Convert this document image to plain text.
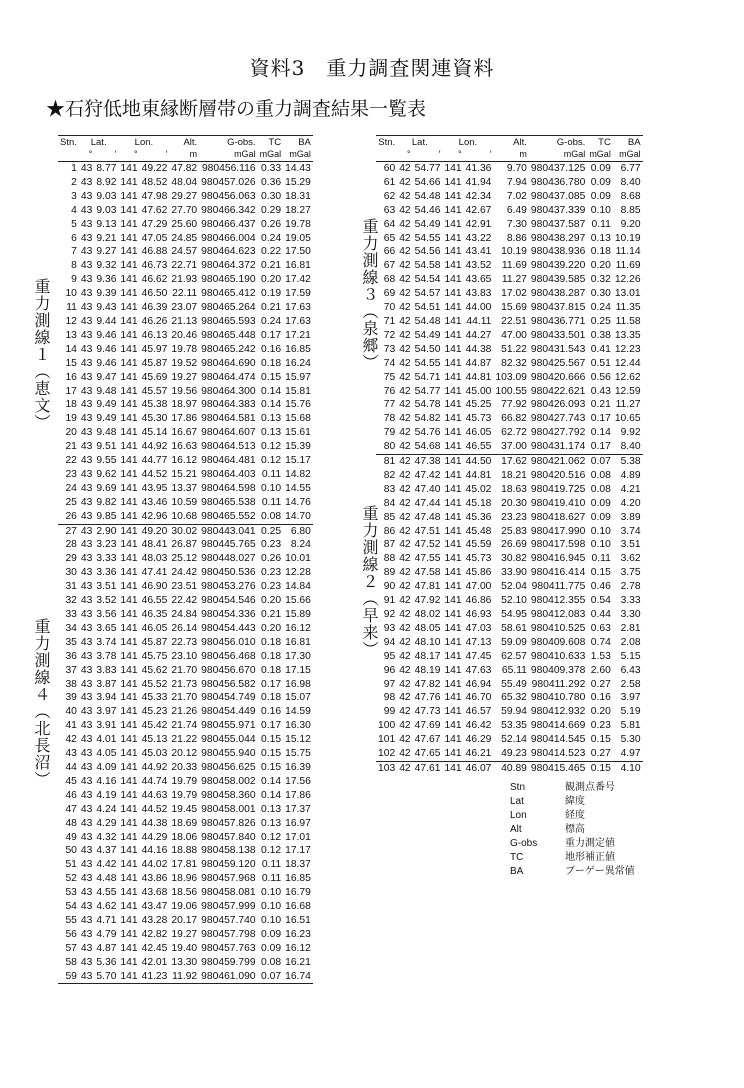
資料3　重力調査関連資料
★石狩低地東縁断層帯の重力調査結果一覧表
Stn.	Lat.		Lon.		Alt.	G-obs.	TC	BA
	°	′	°	′	m	mGal	mGal	mGal
1	43	8.77	141	49.22	47.82	980456.116	0.33	14.43
2	43	8.92	141	48.52	48.04	980457.026	0.36	15.29
3	43	9.03	141	47.98	29.27	980456.063	0.30	18.31
4	43	9.03	141	47.62	27.70	980466.342	0.29	18.27
5	43	9.13	141	47.29	25.60	980466.437	0.26	19.78
6	43	9.21	141	47.05	24.85	980466.004	0.24	19.05
7	43	9.27	141	46.88	24.57	980464.623	0.22	17.50
8	43	9.32	141	46.73	22.71	980464.372	0.21	16.81
9	43	9.36	141	46.62	21.93	980465.190	0.20	17.42
10	43	9.39	141	46.50	22.11	980465.412	0.19	17.59
11	43	9.43	141	46.39	23.07	980465.264	0.21	17.63
12	43	9.44	141	46.26	21.13	980465.593	0.24	17.63
13	43	9.46	141	46.13	20.46	980465.448	0.17	17.21
14	43	9.46	141	45.97	19.78	980465.242	0.16	16.85
15	43	9.46	141	45.87	19.52	980464.690	0.18	16.24
16	43	9.47	141	45.69	19.27	980464.474	0.15	15.97
17	43	9.48	141	45.57	19.56	980464.300	0.14	15.81
18	43	9.49	141	45.38	18.97	980464.383	0.14	15.76
19	43	9.49	141	45.30	17.86	980464.581	0.13	15.68
20	43	9.48	141	45.14	16.67	980464.607	0.13	15.61
21	43	9.51	141	44.92	16.63	980464.513	0.12	15.39
22	43	9.55	141	44.77	16.12	980464.481	0.12	15.17
23	43	9.62	141	44.52	15.21	980464.403	0.11	14.82
24	43	9.69	141	43.95	13.37	980464.598	0.10	14.55
25	43	9.82	141	43.46	10.59	980465.538	0.11	14.76
26	43	9.85	141	42.96	10.68	980465.552	0.08	14.70
27	43	2.90	141	49.20	30.02	980443.041	0.25	6.80
28	43	3.23	141	48.41	26.87	980445.765	0.23	8.24
29	43	3.33	141	48.03	25.12	980448.027	0.26	10.01
30	43	3.36	141	47.41	24.42	980450.536	0.23	12.28
31	43	3.51	141	46.90	23.51	980453.276	0.23	14.84
32	43	3.52	141	46.55	22.42	980454.546	0.20	15.66
33	43	3.56	141	46.35	24.84	980454.336	0.21	15.89
34	43	3.65	141	46.05	26.14	980454.443	0.20	16.12
35	43	3.74	141	45.87	22.73	980456.010	0.18	16.81
36	43	3.78	141	45.75	23.10	980456.468	0.18	17.30
37	43	3.83	141	45.62	21.70	980456.670	0.18	17.15
38	43	3.87	141	45.52	21.73	980456.582	0.17	16.98
39	43	3.94	141	45.33	21.70	980454.749	0.18	15.07
40	43	3.97	141	45.23	21.26	980454.449	0.16	14.59
41	43	3.91	141	45.42	21.74	980455.971	0.17	16.30
42	43	4.01	141	45.13	21.22	980455.044	0.15	15.12
43	43	4.05	141	45.03	20.12	980455.940	0.15	15.75
44	43	4.09	141	44.92	20.33	980456.625	0.15	16.39
45	43	4.16	141	44.74	19.79	980458.002	0.14	17.56
46	43	4.19	141	44.63	19.79	980458.360	0.14	17.86
47	43	4.24	141	44.52	19.45	980458.001	0.13	17.37
48	43	4.29	141	44.38	18.69	980457.826	0.13	16.97
49	43	4.32	141	44.29	18.06	980457.840	0.12	17.01
50	43	4.37	141	44.16	18.88	980458.138	0.12	17.17
51	43	4.42	141	44.02	17.81	980459.120	0.11	18.37
52	43	4.48	141	43.86	18.96	980457.968	0.11	16.85
53	43	4.55	141	43.68	18.56	980458.081	0.10	16.79
54	43	4.62	141	43.47	19.06	980457.999	0.10	16.68
55	43	4.71	141	43.28	20.17	980457.740	0.10	16.51
56	43	4.79	141	42.82	19.27	980457.798	0.09	16.23
57	43	4.87	141	42.45	19.40	980457.763	0.09	16.12
58	43	5.36	141	42.01	13.30	980459.799	0.08	16.21
59	43	5.70	141	41.23	11.92	980461.090	0.07	16.74
Stn.	Lat.		Lon.		Alt.	G-obs.	TC	BA
	°	′	°	′	m	mGal	mGal	mGal
60	42	54.77	141	41.36	9.70	980437.125	0.09	6.77
61	42	54.66	141	41.94	7.94	980436.780	0.09	8.40
62	42	54.48	141	42.34	7.02	980437.085	0.09	8.68
63	42	54.46	141	42.67	6.49	980437.339	0.10	8.85
64	42	54.49	141	42.91	7.30	980437.587	0.11	9.20
65	42	54.55	141	43.22	8.86	980438.297	0.13	10.19
66	42	54.56	141	43.41	10.19	980438.936	0.18	11.14
67	42	54.58	141	43.52	11.69	980439.220	0.20	11.69
68	42	54.54	141	43.65	11.27	980439.585	0.32	12.26
69	42	54.57	141	43.83	17.02	980438.287	0.30	13.01
70	42	54.51	141	44.00	15.69	980437.815	0.24	11.35
71	42	54.48	141	44.11	22.51	980436.771	0.25	11.58
72	42	54.49	141	44.27	47.00	980433.501	0.38	13.35
73	42	54.50	141	44.38	51.22	980431.543	0.41	12.23
74	42	54.55	141	44.87	82.32	980425.567	0.51	12.44
75	42	54.71	141	44.81	103.09	980420.666	0.56	12.62
76	42	54.77	141	45.00	100.55	980422.621	0.43	12.59
77	42	54.78	141	45.25	77.92	980426.093	0.21	11.27
78	42	54.82	141	45.73	66.82	980427.743	0.17	10.65
79	42	54.76	141	46.05	62.72	980427.792	0.14	9.92
80	42	54.68	141	46.55	37.00	980431.174	0.17	8.40
81	42	47.38	141	44.50	17.62	980421.062	0.07	5.38
82	42	47.42	141	44.81	18.21	980420.516	0.08	4.89
83	42	47.40	141	45.02	18.63	980419.725	0.08	4.21
84	42	47.44	141	45.18	20.30	980419.410	0.09	4.20
85	42	47.48	141	45.36	23.23	980418.627	0.09	3.89
86	42	47.51	141	45.48	25.83	980417.990	0.10	3.74
87	42	47.52	141	45.59	26.69	980417.598	0.10	3.51
88	42	47.55	141	45.73	30.82	980416.945	0.11	3.62
89	42	47.58	141	45.86	33.90	980416.414	0.15	3.75
90	42	47.81	141	47.00	52.04	980411.775	0.46	2.78
91	42	47.92	141	46.86	52.10	980412.355	0.54	3.33
92	42	48.02	141	46.93	54.95	980412.083	0.44	3.30
93	42	48.05	141	47.03	58.61	980410.525	0.63	2.81
94	42	48.10	141	47.13	59.09	980409.608	0.74	2.08
95	42	48.17	141	47.45	62.57	980410.633	1.53	5.15
96	42	48.19	141	47.63	65.11	980409.378	2.60	6.43
97	42	47.82	141	46.94	55.49	980411.292	0.27	2.58
98	42	47.76	141	46.70	65.32	980410.780	0.16	3.97
99	42	47.73	141	46.57	59.94	980412.932	0.20	5.19
100	42	47.69	141	46.42	53.35	980414.669	0.23	5.81
101	42	47.67	141	46.29	52.14	980414.545	0.15	5.30
102	42	47.65	141	46.21	49.23	980414.523	0.27	4.97
103	42	47.61	141	46.07	40.89	980415.465	0.15	4.10
重力測線１（恵文）
重力測線４（北長沼）
重力測線３（泉郷）
重力測線２（早来）
Stn	観測点番号
Lat	緯度
Lon	経度
Alt	標高
G-obs	重力測定値
TC	地形補正値
BA	ブーゲー異常値
